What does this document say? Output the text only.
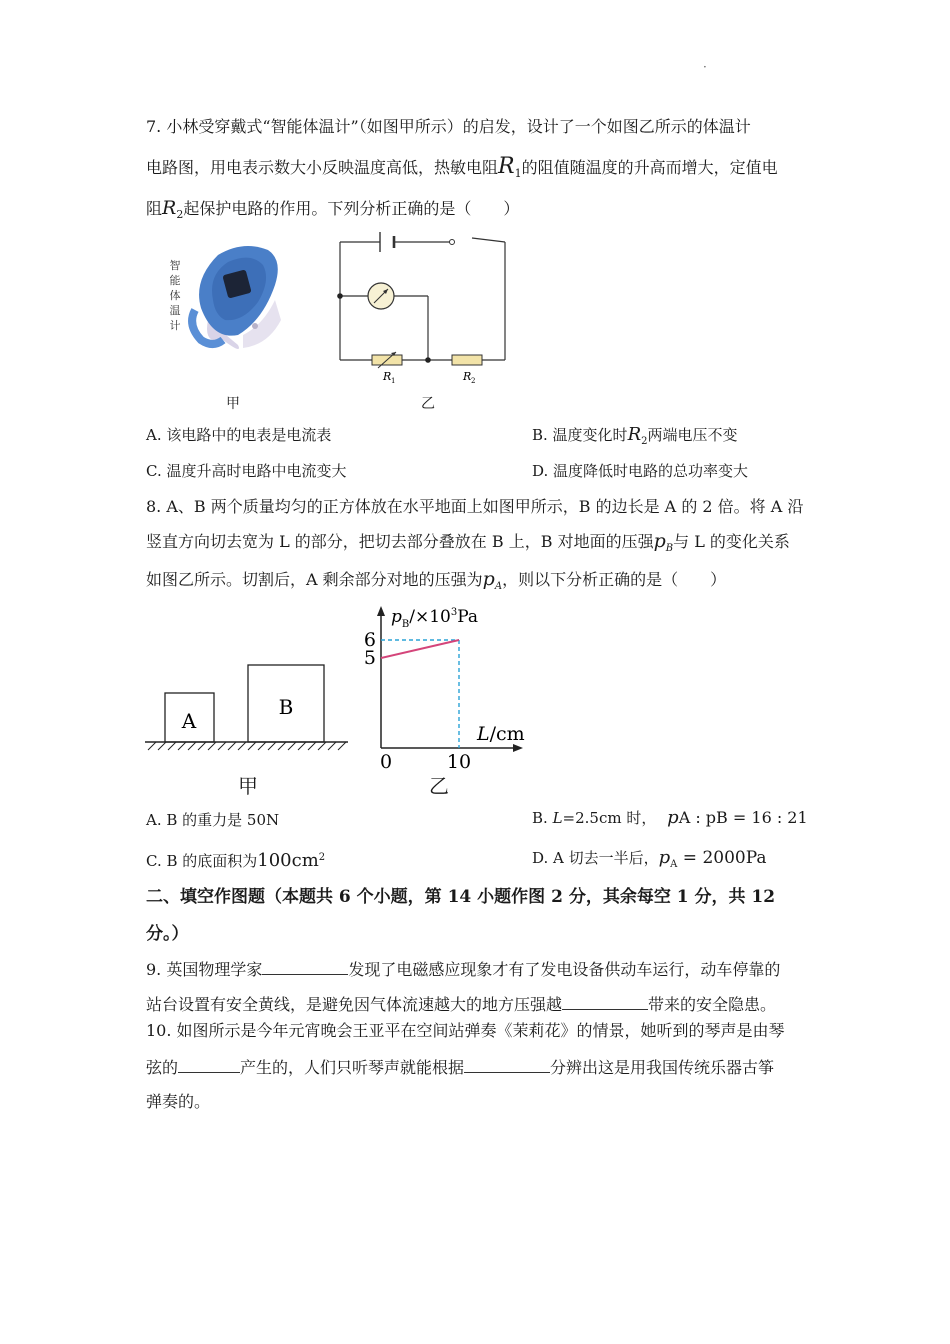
·
7. 小林受穿戴式“智能体温计”（如图甲所示）的启发，设计了一个如图乙所示的体温计
电路图，用电表示数大小反映温度高低，热敏电阻$R_1$的阻值随温度的升高而增大，定值电
阻$R_2$起保护电路的作用。下列分析正确的是（　　）
智
能
体
温
计
甲
R 1	R 2
乙
A. 该电路中的电表是电流表	B. 温度变化时$R_2$两端电压不变
C. 温度升高时电路中电流变大	D. 温度降低时电路的总功率变大
8. A、B 两个质量均匀的正方体放在水平地面上如图甲所示，B 的边长是 A 的 2 倍。将 A 沿
竖直方向切去宽为 L 的部分，把切去部分叠放在 B 上，B 对地面的压强$p_B$与 L 的变化关系
如图乙所示。切割后，A 剩余部分对地的压强为$p_A$，则以下分析正确的是（　　）
A
B
甲
6
5
0	10
$p_B/\times 10^3Pa$
L/cm
乙
A. B 的重力是 50N	B. L=2.5cm 时， pA : pB = 16 : 21
C. B 的底面积为$100cm^2$	D. A 切去一半后，$p_A = 2000Pa$
二、填空作图题（本题共 6 个小题，第 14 小题作图 2 分，其余每空 1 分，共 12
分。）
9. 英国物理学家	发现了电磁感应现象才有了发电设备供动车运行，动车停靠的
站台设置有安全黄线，是避免因气体流速越大的地方压强越	带来的安全隐患。
10. 如图所示是今年元宵晚会王亚平在空间站弹奏《茉莉花》的情景，她听到的琴声是由琴
弦的	产生的，人们只听琴声就能根据	分辨出这是用我国传统乐器古筝
弹奏的。
